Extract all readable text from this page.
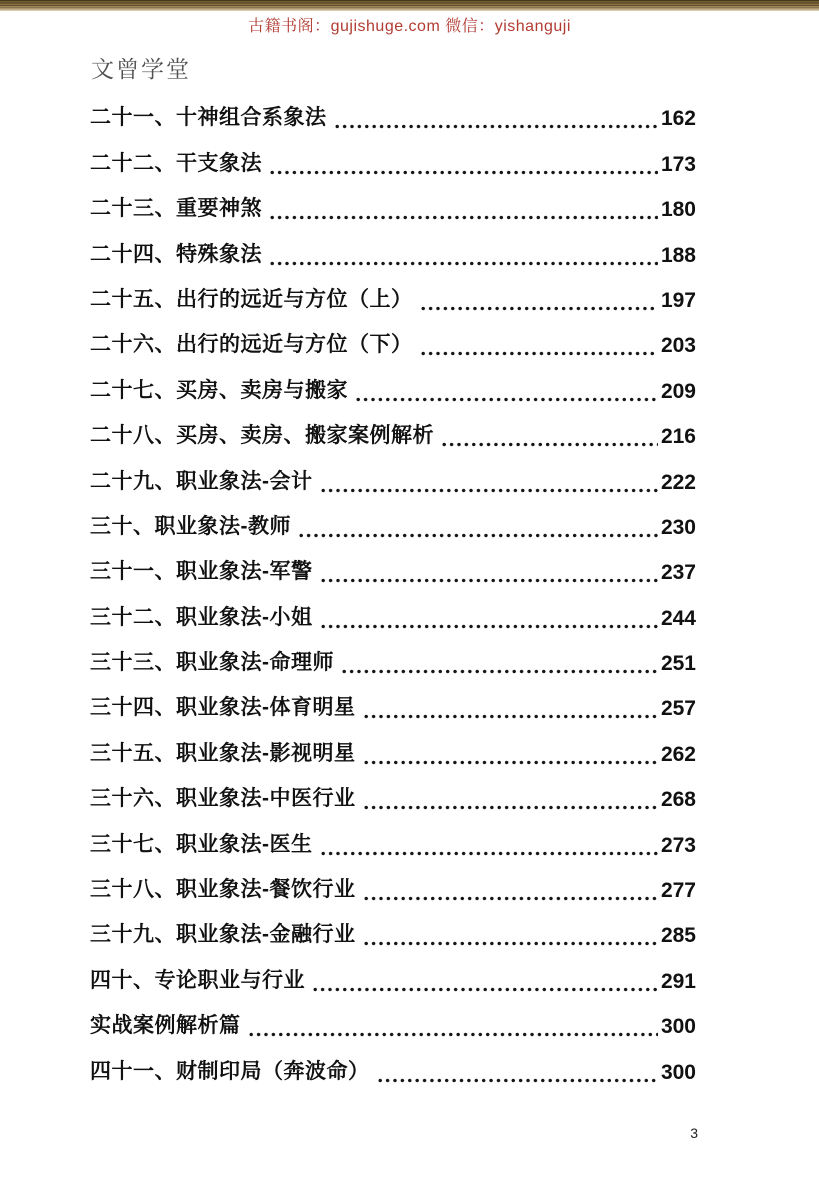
古籍书阁：gujishuge.com 微信：yishanguji
文曾学堂
二十一、十神组合系象法	162
二十二、干支象法	173
二十三、重要神煞	180
二十四、特殊象法	188
二十五、出行的远近与方位（上）	197
二十六、出行的远近与方位（下）	203
二十七、买房、卖房与搬家	209
二十八、买房、卖房、搬家案例解析	216
二十九、职业象法-会计	222
三十、职业象法-教师	230
三十一、职业象法-军警	237
三十二、职业象法-小姐	244
三十三、职业象法-命理师	251
三十四、职业象法-体育明星	257
三十五、职业象法-影视明星	262
三十六、职业象法-中医行业	268
三十七、职业象法-医生	273
三十八、职业象法-餐饮行业	277
三十九、职业象法-金融行业	285
四十、专论职业与行业	291
实战案例解析篇	300
四十一、财制印局（奔波命）	300
3
